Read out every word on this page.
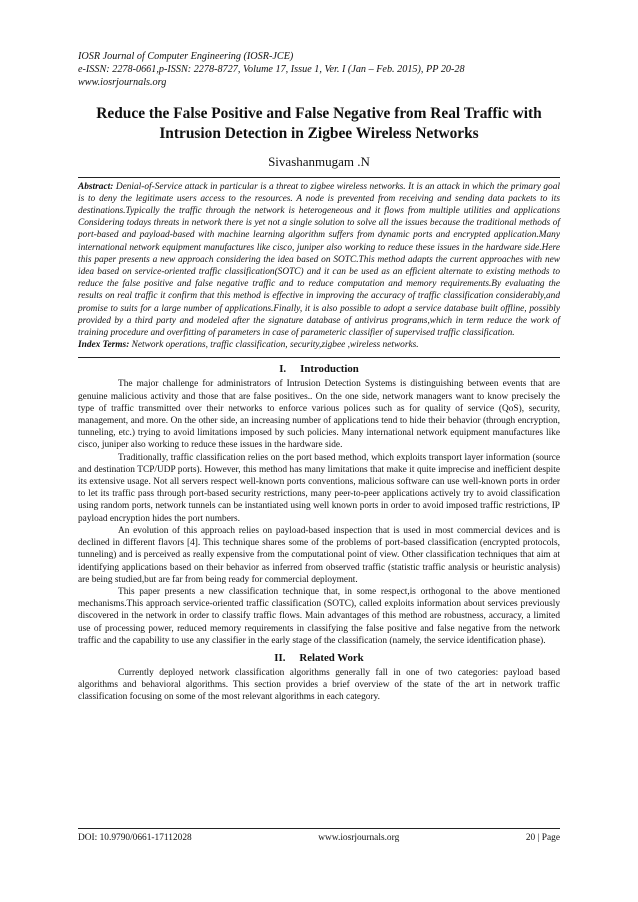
IOSR Journal of Computer Engineering (IOSR-JCE)
e-ISSN: 2278-0661,p-ISSN: 2278-8727, Volume 17, Issue 1, Ver. I (Jan – Feb. 2015), PP 20-28
www.iosrjournals.org
Reduce the False Positive and False Negative from Real Traffic with Intrusion Detection in Zigbee Wireless Networks
Sivashanmugam .N
Abstract: Denial-of-Service attack in particular is a threat to zigbee wireless networks. It is an attack in which the primary goal is to deny the legitimate users access to the resources. A node is prevented from receiving and sending data packets to its destinations.Typically the traffic through the network is heterogeneous and it flows from multiple utilities and applications Considering todays threats in network there is yet not a single solution to solve all the issues because the traditional methods of port-based and payload-based with machine learning algorithm suffers from dynamic ports and encrypted application.Many international network equipment manufactures like cisco, juniper also working to reduce these issues in the hardware side.Here this paper presents a new approach considering the idea based on SOTC.This method adapts the current approaches with new idea based on service-oriented traffic classification(SOTC) and it can be used as an efficient alternate to existing methods to reduce the false positive and false negative traffic and to reduce computation and memory requirements.By evaluating the results on real traffic it confirm that this method is effective in improving the accuracy of traffic classification considerably,and promise to suits for a large number of applications.Finally, it is also possible to adopt a service database built offline, possibly provided by a third party and modeled after the signature database of antivirus programs,which in term reduce the work of training procedure and overfitting of parameters in case of parameteric classifier of supervised traffic classification.
Index Terms: Network operations, traffic classification, security,zigbee ,wireless networks.
I. Introduction

The major challenge for administrators of Intrusion Detection Systems is distinguishing between events that are genuine malicious activity and those that are false positives.. On the one side, network managers want to know precisely the type of traffic transmitted over their networks to enforce various polices such as for quality of service (QoS), security, management, and more. On the other side, an increasing number of applications tend to hide their behavior (through encryption, tunneling, etc.) trying to avoid limitations imposed by such policies. Many international network equipment manufactures like cisco, juniper also working to reduce these issues in the hardware side.

Traditionally, traffic classification relies on the port based method, which exploits transport layer information (source and destination TCP/UDP ports). However, this method has many limitations that make it quite imprecise and inefficient despite its extensive usage. Not all servers respect well-known ports conventions, malicious software can use well-known ports in order to let its traffic pass through port-based security restrictions, many peer-to-peer applications actively try to avoid classification using random ports, network tunnels can be instantiated using well known ports in order to avoid imposed traffic restrictions, IP payload encryption hides the port numbers.

An evolution of this approach relies on payload-based inspection that is used in most commercial devices and is declined in different flavors [4]. This technique shares some of the problems of port-based classification (encrypted protocols, tunneling) and is perceived as really expensive from the computational point of view. Other classification techniques that aim at identifying applications based on their behavior as inferred from observed traffic (statistic traffic analysis or heuristic analysis) are being studied,but are far from being ready for commercial deployment.

This paper presents a new classification technique that, in some respect,is orthogonal to the above mentioned mechanisms.This approach service-oriented traffic classification (SOTC), called exploits information about services previously discovered in the network in order to classify traffic flows. Main advantages of this method are robustness, accuracy, a limited use of processing power, reduced memory requirements in classifying the false positive and false negative from the network traffic and the capability to use any classifier in the early stage of the classification (namely, the service identification phase).

II. Related Work

Currently deployed network classification algorithms generally fall in one of two categories: payload based algorithms and behavioral algorithms. This section provides a brief overview of the state of the art in network traffic classification focusing on some of the most relevant algorithms in each category.

DOI: 10.9790/0661-17112028	www.iosrjournals.org	20 | Page
